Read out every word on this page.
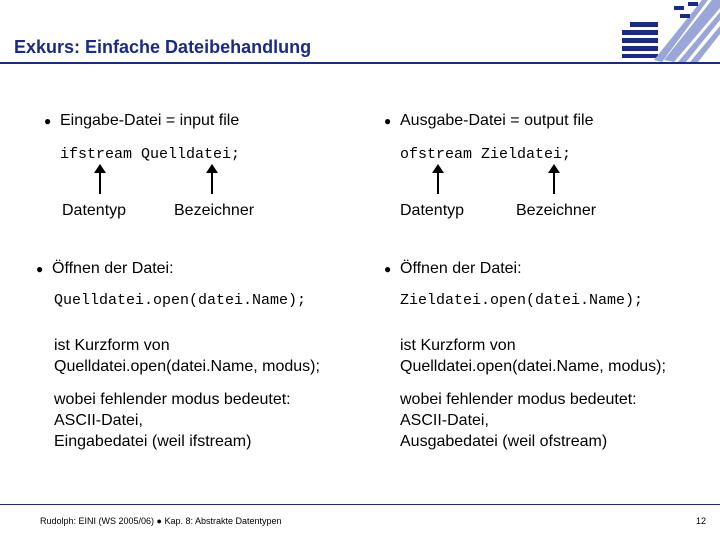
Exkurs: Einfache Dateibehandlung
● Eingabe-Datei = input file
ifstream Quelldatei;
Datentyp	Bezeichner
● Öffnen der Datei:
Quelldatei.open(datei.Name);
ist Kurzform von
Quelldatei.open(datei.Name, modus);
wobei fehlender modus bedeutet:
ASCII-Datei,
Eingabedatei (weil ifstream)
● Ausgabe-Datei = output file
ofstream Zieldatei;
Datentyp	Bezeichner
● Öffnen der Datei:
Zieldatei.open(datei.Name);
ist Kurzform von
Quelldatei.open(datei.Name, modus);
wobei fehlender modus bedeutet:
ASCII-Datei,
Ausgabedatei (weil ofstream)
Rudolph: EINI (WS 2005/06) ● Kap. 8: Abstrakte Datentypen	12
